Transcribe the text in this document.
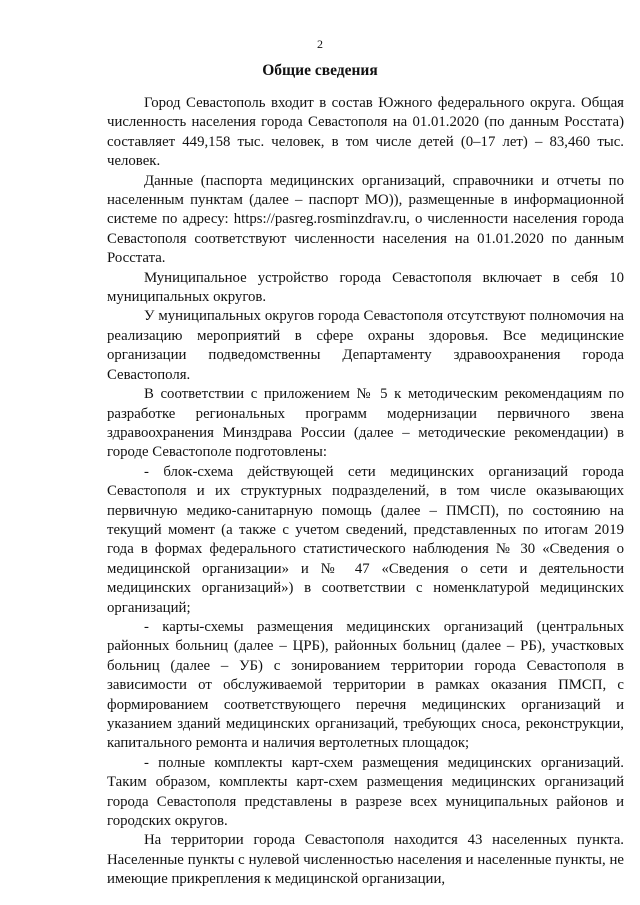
2
Общие сведения

Город Севастополь входит в состав Южного федерального округа. Общая численность населения города Севастополя на 01.01.2020 (по данным Росстата) составляет 449,158 тыс. человек, в том числе детей (0–17 лет) – 83,460 тыс. человек.

Данные (паспорта медицинских организаций, справочники и отчеты по населенным пунктам (далее – паспорт МО)), размещенные в информационной системе по адресу: https://pasreg.rosminzdrav.ru, о численности населения города Севастополя соответствуют численности населения на 01.01.2020 по данным Росстата.

Муниципальное устройство города Севастополя включает в себя 10 муниципальных округов.

У муниципальных округов города Севастополя отсутствуют полномочия на реализацию мероприятий в сфере охраны здоровья. Все медицинские организации подведомственны Департаменту здравоохранения города Севастополя.

В соответствии с приложением № 5 к методическим рекомендациям по разработке региональных программ модернизации первичного звена здравоохранения Минздрава России (далее – методические рекомендации) в городе Севастополе подготовлены:

- блок-схема действующей сети медицинских организаций города Севастополя и их структурных подразделений, в том числе оказывающих первичную медико-санитарную помощь (далее – ПМСП), по состоянию на текущий момент (а также с учетом сведений, представленных по итогам 2019 года в формах федерального статистического наблюдения № 30 «Сведения о медицинской организации» и № 47 «Сведения о сети и деятельности медицинских организаций») в соответствии с номенклатурой медицинских организаций;

- карты-схемы размещения медицинских организаций (центральных районных больниц (далее – ЦРБ), районных больниц (далее – РБ), участковых больниц (далее – УБ) с зонированием территории города Севастополя в зависимости от обслуживаемой территории в рамках оказания ПМСП, с формированием соответствующего перечня медицинских организаций и указанием зданий медицинских организаций, требующих сноса, реконструкции, капитального ремонта и наличия вертолетных площадок;

- полные комплекты карт-схем размещения медицинских организаций. Таким образом, комплекты карт-схем размещения медицинских организаций города Севастополя представлены в разрезе всех муниципальных районов и городских округов.

На территории города Севастополя находится 43 населенных пункта. Населенные пункты с нулевой численностью населения и населенные пункты, не имеющие прикрепления к медицинской организации,
